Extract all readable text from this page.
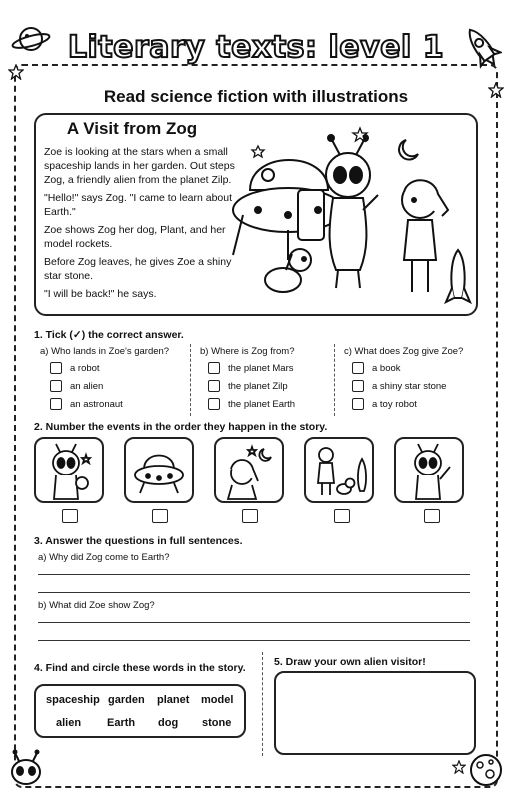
Literary texts: level 1
Read science fiction with illustrations
A Visit from Zog

Zoe is looking at the stars when a small spaceship lands in her garden. Out steps Zog, a friendly alien from the planet Zilp.

"Hello!" says Zog. "I came to learn about Earth."

Zoe shows Zog her dog, Plant, and her model rockets.

Before Zog leaves, he gives Zoe a shiny star stone.

"I will be back!" he says.

1. Tick (✓) the correct answer.
a) Who lands in Zoe's garden?
a robot
an alien
an astronaut
b) Where is Zog from?
the planet Mars
the planet Zilp
the planet Earth
c) What does Zog give Zoe?
a book
a shiny star stone
a toy robot
2. Number the events in the order they happen in the story.
3. Answer the questions in full sentences.
a) Why did Zog come to Earth?
b) What did Zoe show Zog?
4. Find and circle these words in the story.
spaceship garden planet model
alien Earth dog stone
5. Draw your own alien visitor!
